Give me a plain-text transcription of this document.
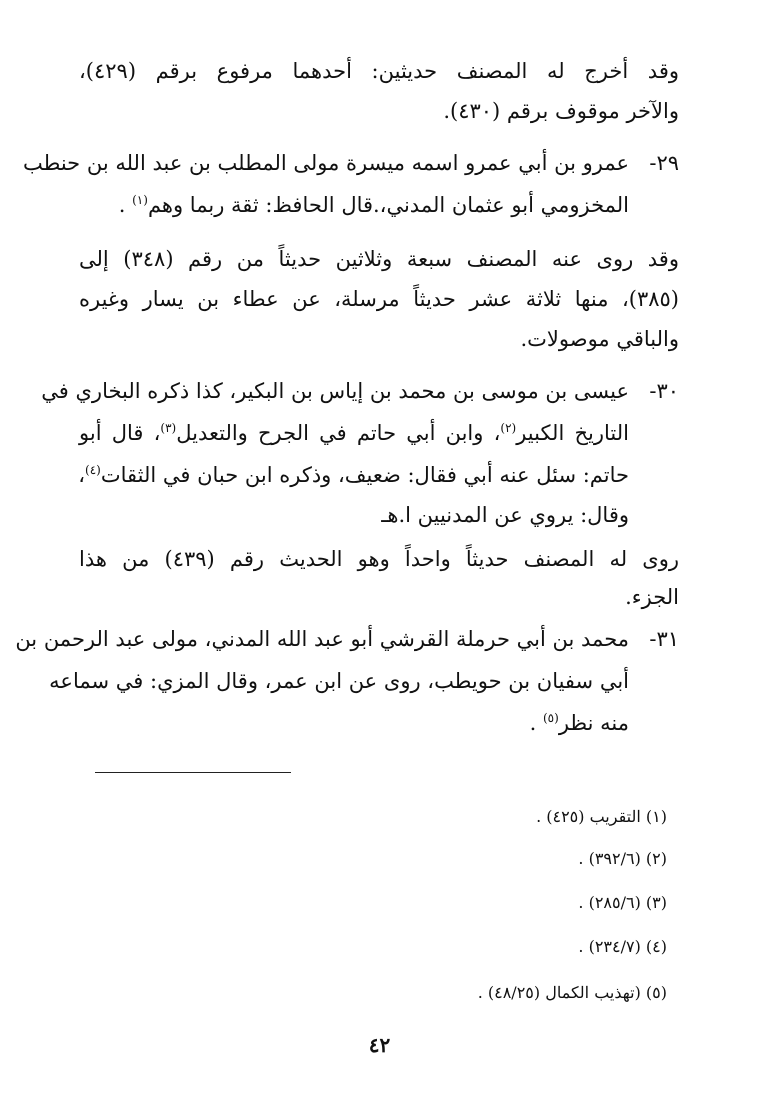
وقد أخرج له المصنف حديثين: أحدهما مرفوع برقم (٤٢٩)،
والآخر موقوف برقم (٤٣٠).
٢٩-
عمرو بن أبي عمرو اسمه ميسرة مولى المطلب بن عبد الله بن حنطب
المخزومي أبو عثمان المدني،.قال الحافظ: ثقة ربما وهم$^{(١)}$ .
وقد روى عنه المصنف سبعة وثلاثين حديثاً من رقم (٣٤٨) إلى
(٣٨٥)، منها ثلاثة عشر حديثاً مرسلة، عن عطاء بن يسار وغيره
والباقي موصولات.
٣٠-
عيسى بن موسى بن محمد بن إياس بن البكير، كذا ذكره البخاري في
التاريخ الكبير$^{(٢)}$، وابن أبي حاتم في الجرح والتعديل$^{(٣)}$، قال أبو
حاتم: سئل عنه أبي فقال: ضعيف، وذكره ابن حبان في الثقات$^{(٤)}$،
وقال: يروي عن المدنيين ا.هـ
روى له المصنف حديثاً واحداً وهو الحديث رقم (٤٣٩) من هذا
الجزء.
٣١-
محمد بن أبي حرملة القرشي أبو عبد الله المدني، مولى عبد الرحمن بن
أبي سفيان بن حويطب، روى عن ابن عمر، وقال المزي: في سماعه
منه نظر$^{(٥)}$ .
(١) التقريب (٤٢٥) .
(٢) (٣٩٢/٦) .
(٣) (٢٨٥/٦) .
(٤) (٢٣٤/٧) .
(٥) (تهذيب الكمال (٤٨/٢٥) .
٤٢
